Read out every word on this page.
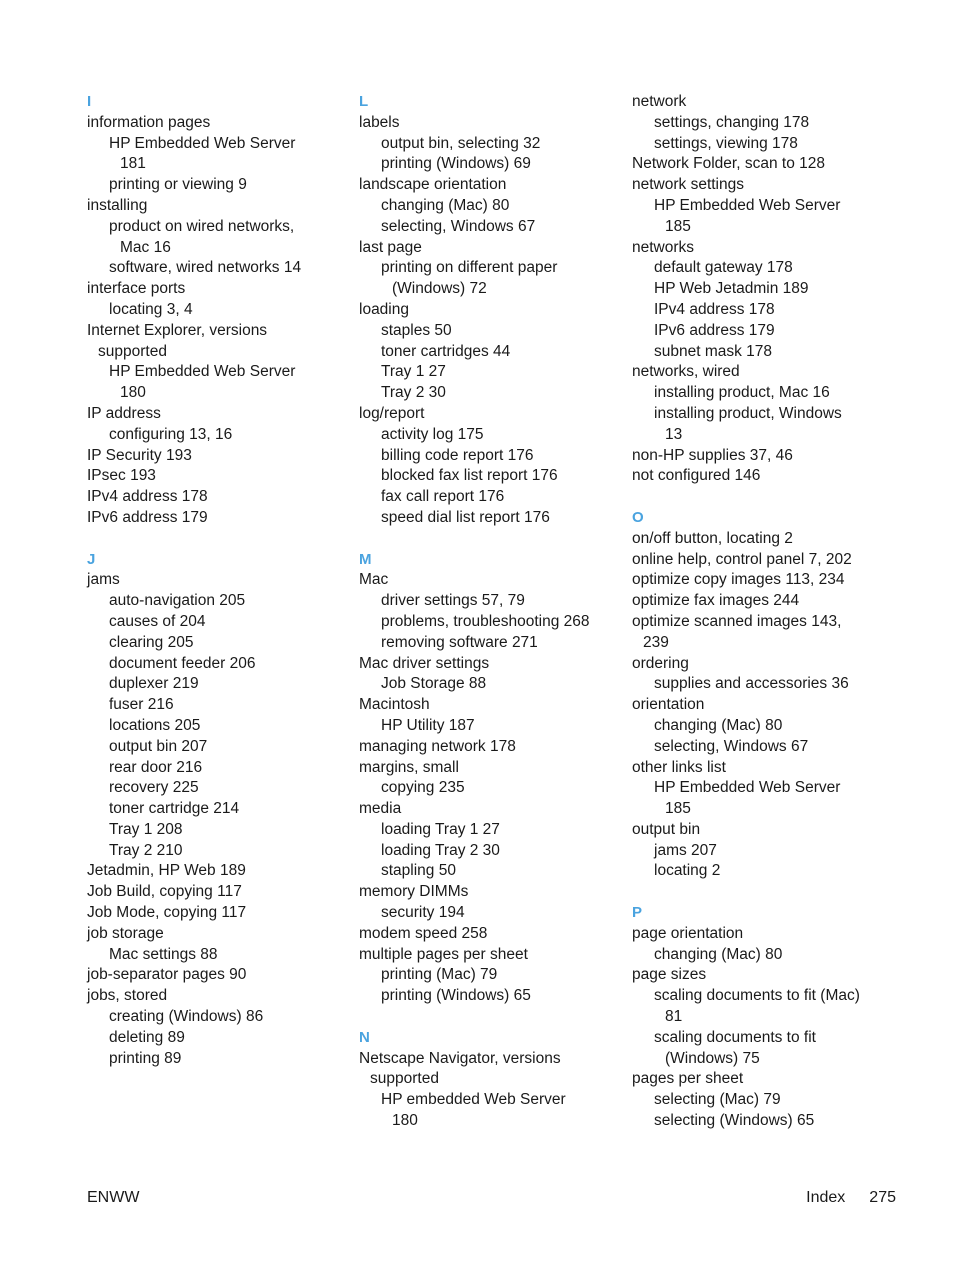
I
information pages
HP Embedded Web Server
181
printing or viewing 9
installing
product on wired networks,
Mac 16
software, wired networks 14
interface ports
locating 3, 4
Internet Explorer, versions
supported
HP Embedded Web Server
180
IP address
configuring 13, 16
IP Security 193
IPsec 193
IPv4 address 178
IPv6 address 179
J
jams
auto-navigation 205
causes of 204
clearing 205
document feeder 206
duplexer 219
fuser 216
locations 205
output bin 207
rear door 216
recovery 225
toner cartridge 214
Tray 1 208
Tray 2 210
Jetadmin, HP Web 189
Job Build, copying 117
Job Mode, copying 117
job storage
Mac settings 88
job-separator pages 90
jobs, stored
creating (Windows) 86
deleting 89
printing 89
L
labels
output bin, selecting 32
printing (Windows) 69
landscape orientation
changing (Mac) 80
selecting, Windows 67
last page
printing on different paper
(Windows) 72
loading
staples 50
toner cartridges 44
Tray 1 27
Tray 2 30
log/report
activity log 175
billing code report 176
blocked fax list report 176
fax call report 176
speed dial list report 176
M
Mac
driver settings 57, 79
problems, troubleshooting 268
removing software 271
Mac driver settings
Job Storage 88
Macintosh
HP Utility 187
managing network 178
margins, small
copying 235
media
loading Tray 1 27
loading Tray 2 30
stapling 50
memory DIMMs
security 194
modem speed 258
multiple pages per sheet
printing (Mac) 79
printing (Windows) 65
N
Netscape Navigator, versions
supported
HP embedded Web Server
180
network
settings, changing 178
settings, viewing 178
Network Folder, scan to 128
network settings
HP Embedded Web Server
185
networks
default gateway 178
HP Web Jetadmin 189
IPv4 address 178
IPv6 address 179
subnet mask 178
networks, wired
installing product, Mac 16
installing product, Windows
13
non-HP supplies 37, 46
not configured 146
O
on/off button, locating 2
online help, control panel 7, 202
optimize copy images 113, 234
optimize fax images 244
optimize scanned images 143,
239
ordering
supplies and accessories 36
orientation
changing (Mac) 80
selecting, Windows 67
other links list
HP Embedded Web Server
185
output bin
jams 207
locating 2
P
page orientation
changing (Mac) 80
page sizes
scaling documents to fit (Mac)
81
scaling documents to fit
(Windows) 75
pages per sheet
selecting (Mac) 79
selecting (Windows) 65
ENWW	Index 275
